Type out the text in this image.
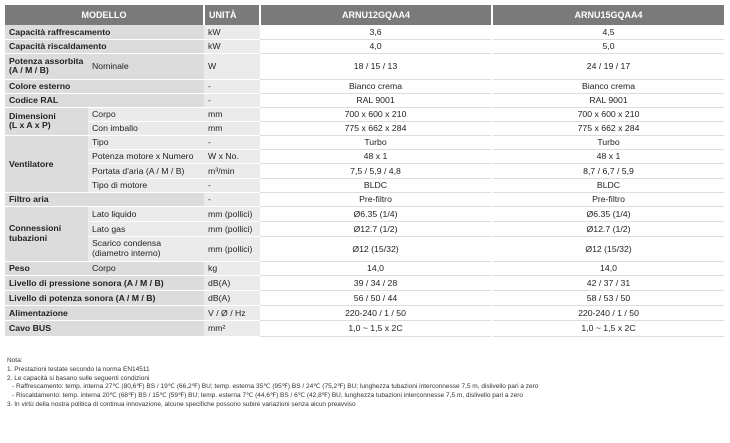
MODELLO		UNITÀ	ARNU12GQAA4	ARNU15GQAA4
Capacità raffrescamento		kW	3,6	4,5
Capacità riscaldamento		kW	4,0	5,0
Potenza assorbita
(A / M / B)	Nominale	W	18 / 15 / 13	24 / 19 / 17
Colore esterno		-	Bianco crema	Bianco crema
Codice RAL		-	RAL 9001	RAL 9001
Dimensioni
(L x A x P)	Corpo	mm	700 x 600 x 210	700 x 600 x 210
	Con imballo	mm	775 x 662 x 284	775 x 662 x 284
Ventilatore	Tipo	-	Turbo	Turbo
	Potenza motore x Numero	W x No.	48 x 1	48 x 1
	Portata d'aria (A / M / B)	m³/min	7,5 / 5,9 / 4,8	8,7 / 6,7 / 5,9
	Tipo di motore	-	BLDC	BLDC
Filtro aria		-	Pre-filtro	Pre-filtro
Connessioni
tubazioni	Lato liquido	mm (pollici)	Ø6.35 (1/4)	Ø6.35 (1/4)
	Lato gas	mm (pollici)	Ø12.7 (1/2)	Ø12.7 (1/2)
	Scarico condensa
(diametro interno)	mm (pollici)	Ø12 (15/32)	Ø12 (15/32)
Peso	Corpo	kg	14,0	14,0
Livello di pressione sonora (A / M / B)		dB(A)	39 / 34 / 28	42 / 37 / 31
Livello di potenza sonora (A / M / B)		dB(A)	56 / 50 / 44	58 / 53 / 50
Alimentazione		V / Ø / Hz	220-240 / 1 / 50	220-240 / 1 / 50
Cavo BUS		mm²	1,0 ~ 1,5 x 2C	1,0 ~ 1,5 x 2C
Nota:
1. Prestazioni testate secondo la norma EN14511
2. Le capacità si basano sulle seguenti condizioni
- Raffrescamento: temp. interna 27℃ (80,6℉) BS / 19℃ (66,2℉) BU; temp. esterna 35℃ (95℉) BS / 24℃ (75,2℉) BU; lunghezza tubazioni interconnesse 7,5 m, dislivello pari a zero
- Riscaldamento: temp. interna 20℃ (68℉) BS / 15℃ (59℉) BU; temp. esterna 7℃ (44,6℉) BS / 6℃ (42,8℉) BU, lunghezza tubazioni interconnesse 7,5 m, dislivello pari a zero
3. In virtù della nostra politica di continua innovazione, alcune specifiche possono subire variazioni senza alcun preavviso
